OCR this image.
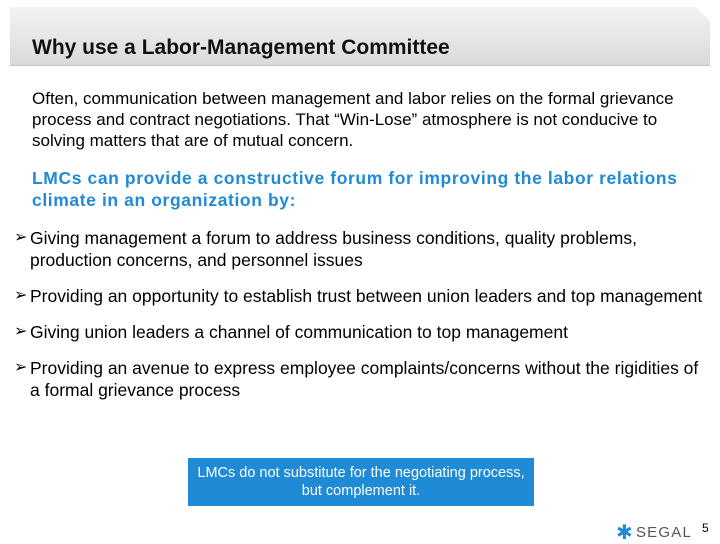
Why use a Labor-Management Committee

Often, communication between management and labor relies on the formal grievance process and contract negotiations. That “Win-Lose” atmosphere is not conducive to solving matters that are of mutual concern.

LMCs can provide a constructive forum for improving the labor relations climate in an organization by:

➢ Giving management a forum to address business conditions, quality problems, production concerns, and personnel issues
➢ Providing an opportunity to establish trust between union leaders and top management
➢ Giving union leaders a channel of communication to top management
➢ Providing an avenue to express employee complaints/concerns without the rigidities of a formal grievance process
LMCs do not substitute for the negotiating process, but complement it.
✱ SEGAL 5
